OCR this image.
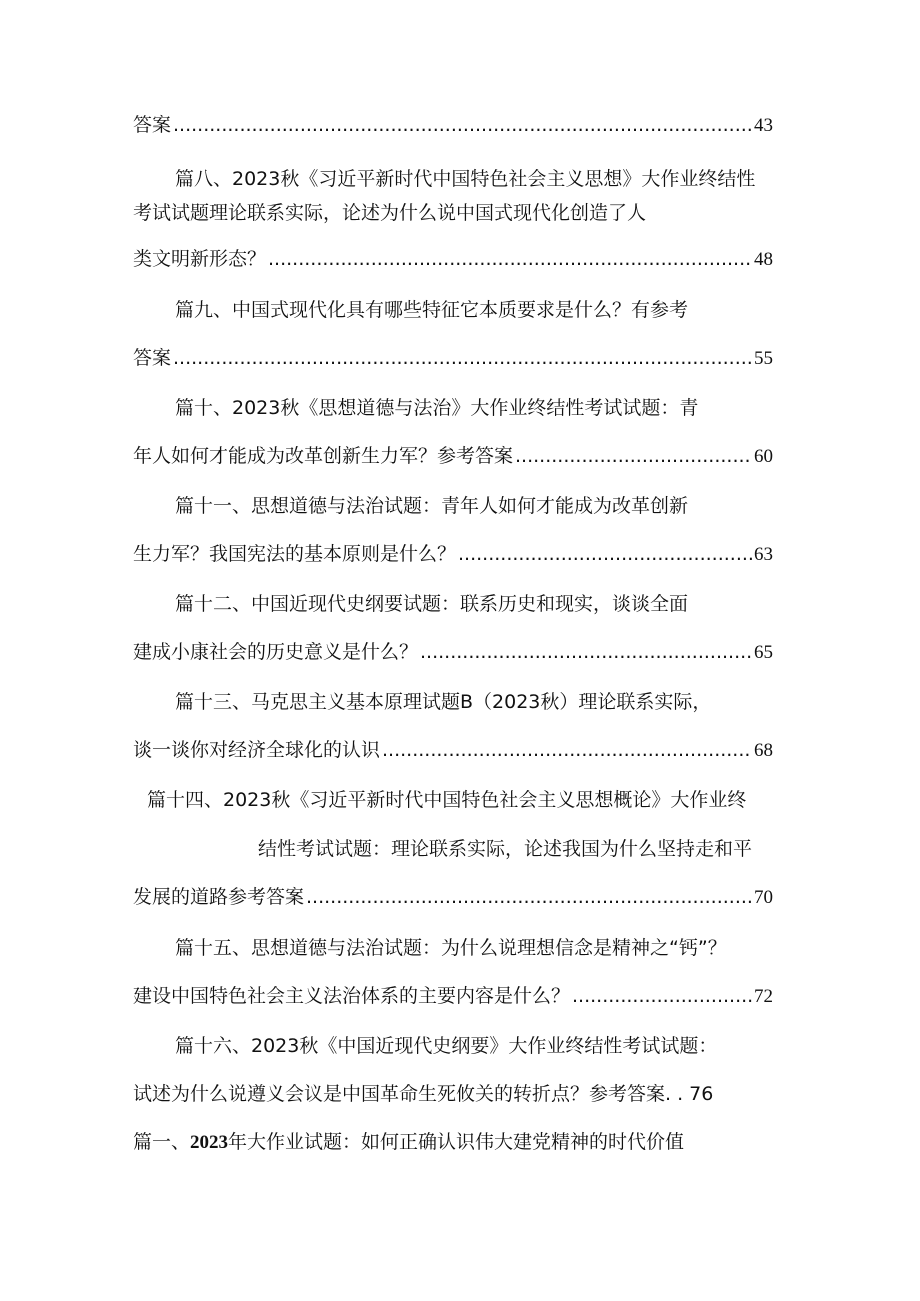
答案 .....	43
篇八、2023秋《习近平新时代中国特色社会主义思想》大作业终结性
考试试题理论联系实际，论述为什么说中国式现代化创造了人
类文明新形态？ .....	48
篇九、中国式现代化具有哪些特征它本质要求是什么？有参考
答案 .....	55
篇十、2023秋《思想道德与法治》大作业终结性考试试题：青
年人如何才能成为改革创新生力军？参考答案 .....	60
篇十一、思想道德与法治试题：青年人如何才能成为改革创新
生力军？我国宪法的基本原则是什么？ .....	63
篇十二、中国近现代史纲要试题：联系历史和现实，谈谈全面
建成小康社会的历史意义是什么？ .....	65
篇十三、马克思主义基本原理试题B（2023秋）理论联系实际，
谈一谈你对经济全球化的认识 .....	68
篇十四、2023秋《习近平新时代中国特色社会主义思想概论》大作业终
结性考试试题：理论联系实际，论述我国为什么坚持走和平
发展的道路参考答案 .....	70
篇十五、思想道德与法治试题：为什么说理想信念是精神之“钙”？
建设中国特色社会主义法治体系的主要内容是什么？ .....	72
篇十六、2023秋《中国近现代史纲要》大作业终结性考试试题：
试述为什么说遵义会议是中国革命生死攸关的转折点？参考答案. . 76
篇一、2023年大作业试题：如何正确认识伟大建党精神的时代价值
